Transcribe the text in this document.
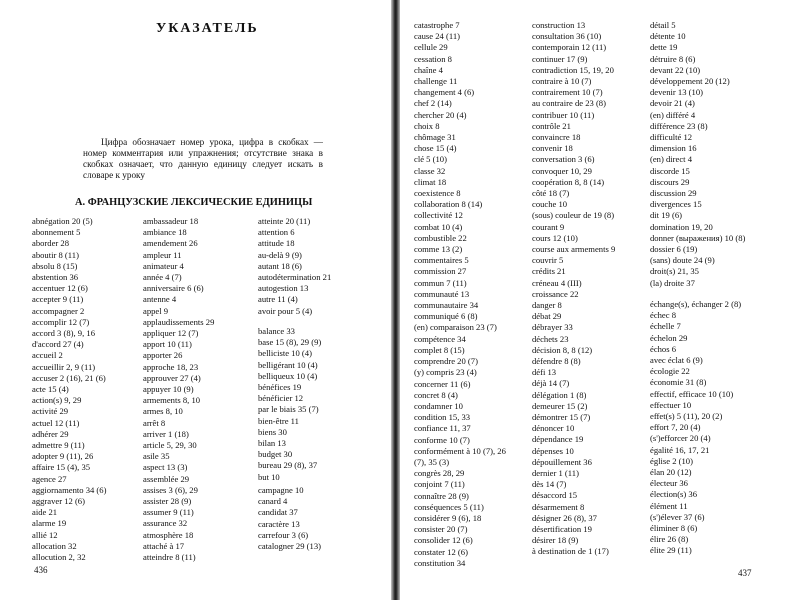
УКАЗАТЕЛЬ
Цифра обозначает номер урока, цифра в скобках — номер комментария или упражнения; отсутствие знака в скобках означает, что данную единицу следует искать в словаре к уроку
А. ФРАНЦУЗСКИЕ ЛЕКСИЧЕСКИЕ ЕДИНИЦЫ
abnégation 20 (5)
abonnement 5
aborder 28
aboutir 8 (11)
absolu 8 (15)
abstention 36
accentuer 12 (6)
accepter 9 (11)
accompagner 2
accomplir 12 (7)
accord 3 (8), 9, 16
d'accord 27 (4)
accueil 2
accueillir 2, 9 (11)
accuser 2 (16), 21 (6)
acte 15 (4)
action(s) 9, 29
activité 29
actuel 12 (11)
adhérer 29
admettre 9 (11)
adopter 9 (11), 26
affaire 15 (4), 35
agence 27
aggiornamento 34 (6)
aggraver 12 (6)
aide 21
alarme 19
allié 12
allocation 32
allocution 2, 32
ambassadeur 18
ambiance 18
amendement 26
ampleur 11
animateur 4
année 4 (7)
anniversaire 6 (6)
antenne 4
appel 9
applaudissements 29
appliquer 12 (7)
apport 10 (11)
apporter 26
approche 18, 23
approuver 27 (4)
appuyer 10 (9)
armements 8, 10
armes 8, 10
arrêt 8
arriver 1 (18)
article 5, 29, 30
asile 35
aspect 13 (3)
assemblée 29
assises 3 (6), 29
assister 28 (9)
assumer 9 (11)
assurance 32
atmosphère 18
attaché à 17
atteindre 8 (11)
atteinte 20 (11)
attention 6
attitude 18
au-delà 9 (9)
autant 18 (6)
autodétermination 21
autogestion 13
autre 11 (4)
avoir pour 5 (4)
balance 33
base 15 (8), 29 (9)
belliciste 10 (4)
belligérant 10 (4)
belliqueux 10 (4)
bénéfices 19
bénéficier 12
par le biais 35 (7)
bien-être 11
biens 30
bilan 13
budget 30
bureau 29 (8), 37
but 10
campagne 10
canard 4
candidat 37
caractère 13
carrefour 3 (6)
catalogner 29 (13)
436
catastrophe 7
cause 24 (11)
cellule 29
cessation 8
chaîne 4
challenge 11
changement 4 (6)
chef 2 (14)
chercher 20 (4)
choix 8
chômage 31
chose 15 (4)
clé 5 (10)
classe 32
climat 18
coexistence 8
collaboration 8 (14)
collectivité 12
combat 10 (4)
combustible 22
comme 13 (2)
commentaires 5
commission 27
commun 7 (11)
communauté 13
communautaire 34
communiqué 6 (8)
(en) comparaison 23 (7)
compétence 34
complet 8 (15)
comprendre 20 (7)
(y) compris 23 (4)
concerner 11 (6)
concret 8 (4)
condamner 10
condition 15, 33
confiance 11, 37
conforme 10 (7)
conformément à 10 (7), 26
(7), 35 (3)
congrès 28, 29
conjoint 7 (11)
connaître 28 (9)
conséquences 5 (11)
considérer 9 (6), 18
consister 20 (7)
consolider 12 (6)
constater 12 (6)
constitution 34
construction 13
consultation 36 (10)
contemporain 12 (11)
continuer 17 (9)
contradiction 15, 19, 20
contraire à 10 (7)
contrairement 10 (7)
au contraire de 23 (8)
contribuer 10 (11)
contrôle 21
convaincre 18
convenir 18
conversation 3 (6)
convoquer 10, 29
coopération 8, 8 (14)
côté 18 (7)
couche 10
(sous) couleur de 19 (8)
courant 9
cours 12 (10)
course aux armements 9
couvrir 5
crédits 21
créneau 4 (III)
croissance 22
danger 8
débat 29
débrayer 33
déchets 23
décision 8, 8 (12)
défendre 8 (8)
défi 13
déjà 14 (7)
délégation 1 (8)
demeurer 15 (2)
démontrer 15 (7)
dénoncer 10
dépendance 19
dépenses 10
dépouillement 36
dernier 1 (11)
dès 14 (7)
désaccord 15
désarmement 8
désigner 26 (8), 37
désertification 19
désirer 18 (9)
à destination de 1 (17)
détail 5
détente 10
dette 19
détruire 8 (6)
devant 22 (10)
développement 20 (12)
devenir 13 (10)
devoir 21 (4)
(en) différé 4
différence 23 (8)
difficulté 12
dimension 16
(en) direct 4
discorde 15
discours 29
discussion 29
divergences 15
dit 19 (6)
domination 19, 20
donner (выражения) 10 (8)
dossier 6 (19)
(sans) doute 24 (9)
droit(s) 21, 35
(la) droite 37
échange(s), échanger 2 (8)
échec 8
échelle 7
échelon 29
échos 6
avec éclat 6 (9)
écologie 22
économie 31 (8)
effectif, efficace 10 (10)
effectuer 10
effet(s) 5 (11), 20 (2)
effort 7, 20 (4)
(s')efforcer 20 (4)
égalité 16, 17, 21
église 2 (10)
élan 20 (12)
électeur 36
élection(s) 36
élément 11
(s')élever 37 (6)
éliminer 8 (6)
élire 26 (8)
élite 29 (11)
437
